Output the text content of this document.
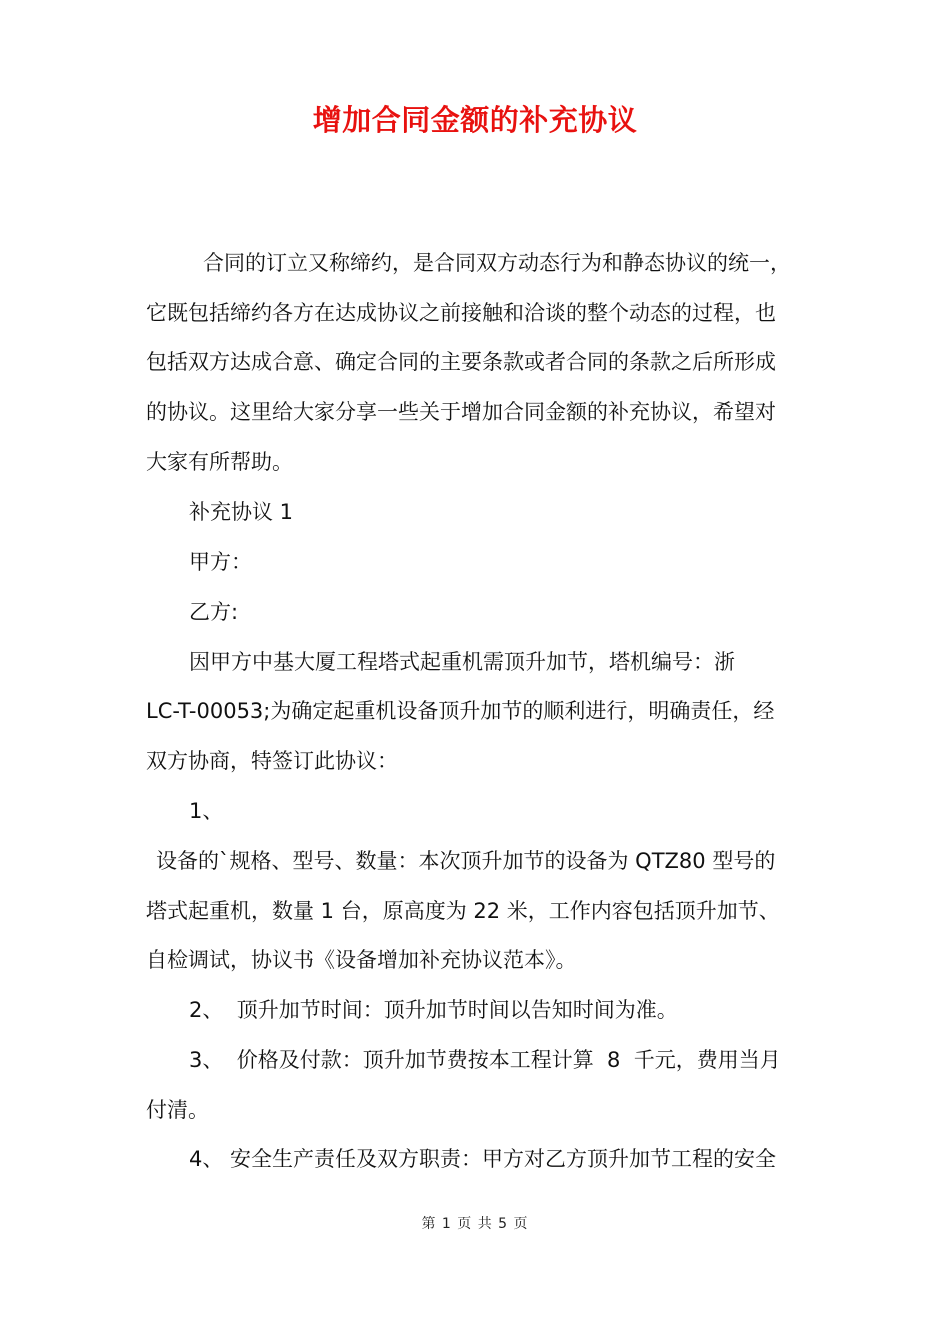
增加合同金额的补充协议
合同的订立又称缔约，是合同双方动态行为和静态协议的统一，
它既包括缔约各方在达成协议之前接触和洽谈的整个动态的过程，也
包括双方达成合意、确定合同的主要条款或者合同的条款之后所形成
的协议。这里给大家分享一些关于增加合同金额的补充协议，希望对
大家有所帮助。
补充协议 1
甲方：
乙方:
因甲方中基大厦工程塔式起重机需顶升加节，塔机编号：浙
LC-T-00053;为确定起重机设备顶升加节的顺利进行，明确责任，经
双方协商，特签订此协议：
1、
设备的`规格、型号、数量：本次顶升加节的设备为 QTZ80 型号的
塔式起重机，数量 1 台，原高度为 22 米，工作内容包括顶升加节、
自检调试，协议书《设备增加补充协议范本》。
2、  顶升加节时间：顶升加节时间以告知时间为准。
3、  价格及付款：顶升加节费按本工程计算  8  千元，费用当月
付清。
4、 安全生产责任及双方职责：甲方对乙方顶升加节工程的安全
第 1 页 共 5 页
